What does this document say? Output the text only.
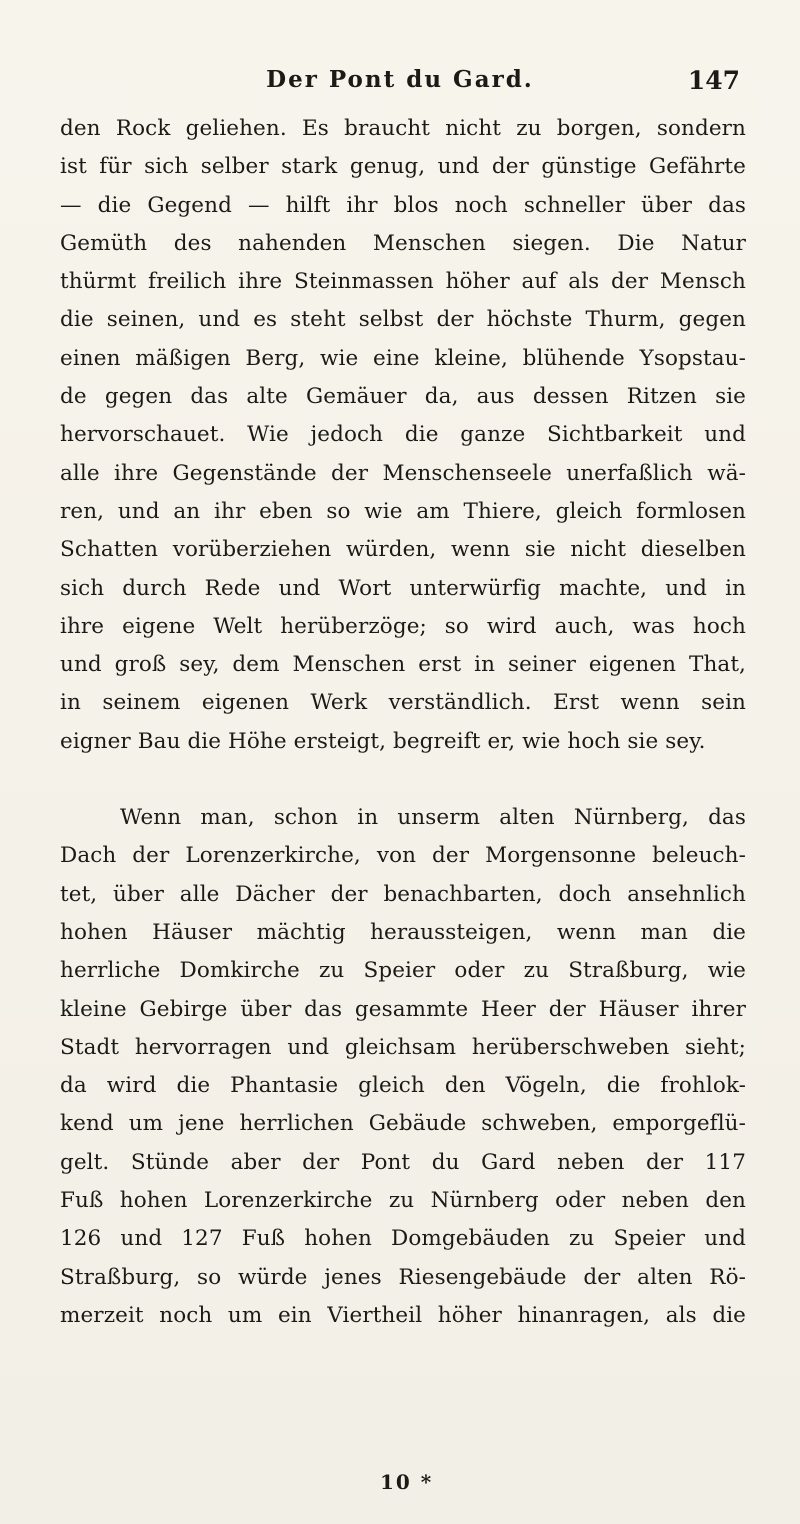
Der Pont du Gard.	147
den Rock geliehen. Es braucht nicht zu borgen, sondern
ist für sich selber stark genug, und der günstige Gefährte
— die Gegend — hilft ihr blos noch schneller über das
Gemüth des nahenden Menschen siegen. Die Natur
thürmt freilich ihre Steinmassen höher auf als der Mensch
die seinen, und es steht selbst der höchste Thurm, gegen
einen mäßigen Berg, wie eine kleine, blühende Ysopstau-
de gegen das alte Gemäuer da, aus dessen Ritzen sie
hervorschauet. Wie jedoch die ganze Sichtbarkeit und
alle ihre Gegenstände der Menschenseele unerfaßlich wä-
ren, und an ihr eben so wie am Thiere, gleich formlosen
Schatten vorüberziehen würden, wenn sie nicht dieselben
sich durch Rede und Wort unterwürfig machte, und in
ihre eigene Welt herüberzöge; so wird auch, was hoch
und groß sey, dem Menschen erst in seiner eigenen That,
in seinem eigenen Werk verständlich. Erst wenn sein
eigner Bau die Höhe ersteigt, begreift er, wie hoch sie sey.
Wenn man, schon in unserm alten Nürnberg, das
Dach der Lorenzerkirche, von der Morgensonne beleuch-
tet, über alle Dächer der benachbarten, doch ansehnlich
hohen Häuser mächtig heraussteigen, wenn man die
herrliche Domkirche zu Speier oder zu Straßburg, wie
kleine Gebirge über das gesammte Heer der Häuser ihrer
Stadt hervorragen und gleichsam herüberschweben sieht;
da wird die Phantasie gleich den Vögeln, die frohlok-
kend um jene herrlichen Gebäude schweben, emporgeflü-
gelt. Stünde aber der Pont du Gard neben der 117
Fuß hohen Lorenzerkirche zu Nürnberg oder neben den
126 und 127 Fuß hohen Domgebäuden zu Speier und
Straßburg, so würde jenes Riesengebäude der alten Rö-
merzeit noch um ein Viertheil höher hinanragen, als die
10 *
